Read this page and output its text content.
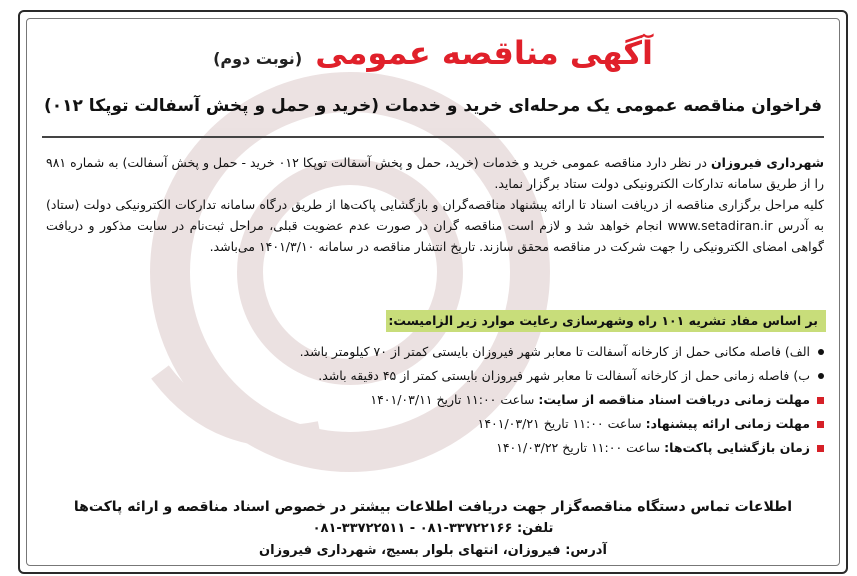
آگهی مناقصه عمومی (نوبت دوم)
فراخوان مناقصه عمومی یک مرحله‌ای خرید و خدمات (خرید و حمل و پخش آسفالت توپکا ۰۱۲)
شهرداری فیروزان در نظر دارد مناقصه عمومی خرید و خدمات (خرید، حمل و پخش آسفالت توپکا ۰۱۲ خرید - حمل و پخش آسفالت) به شماره ۹۸۱ را از طریق سامانه تدارکات الکترونیکی دولت ستاد برگزار نماید.
کلیه مراحل برگزاری مناقصه از دریافت اسناد تا ارائه پیشنهاد مناقصه‌گران و بازگشایی پاکت‌ها از طریق درگاه سامانه تدارکات الکترونیکی دولت (ستاد) به آدرس www.setadiran.ir انجام خواهد شد و لازم است مناقصه گران در صورت عدم عضویت قبلی، مراحل ثبت‌نام در سایت مذکور و دریافت گواهی امضای الکترونیکی را جهت شرکت در مناقصه محقق سازند. تاریخ انتشار مناقصه در سامانه ۱۴۰۱/۳/۱۰ می‌باشد.
بر اساس مفاد تشریه ۱۰۱ راه وشهرسازی رعایت موارد زیر الزامیست:
الف) فاصله مکانی حمل از کارخانه آسفالت تا معابر شهر فیروزان بایستی کمتر از ۷۰ کیلومتر باشد.
ب) فاصله زمانی حمل از کارخانه آسفالت تا معابر شهر فیروزان بایستی کمتر از ۴۵ دقیقه باشد.
مهلت زمانی دریافت اسناد مناقصه از سایت: ساعت ۱۱:۰۰ تاریخ ۱۴۰۱/۰۳/۱۱
مهلت زمانی ارائه پیشنهاد: ساعت ۱۱:۰۰ تاریخ ۱۴۰۱/۰۳/۲۱
زمان بازگشایی پاکت‌ها: ساعت ۱۱:۰۰ تاریخ ۱۴۰۱/۰۳/۲۲
اطلاعات تماس دستگاه مناقصه‌گزار جهت دریافت اطلاعات بیشتر در خصوص اسناد مناقصه و ارائه پاکت‌ها
تلفن: ۳۳۷۲۲۱۶۶-۰۸۱ - ۳۳۷۲۲۵۱۱-۰۸۱
آدرس: فیروزان، انتهای بلوار بسیج، شهرداری فیروزان
